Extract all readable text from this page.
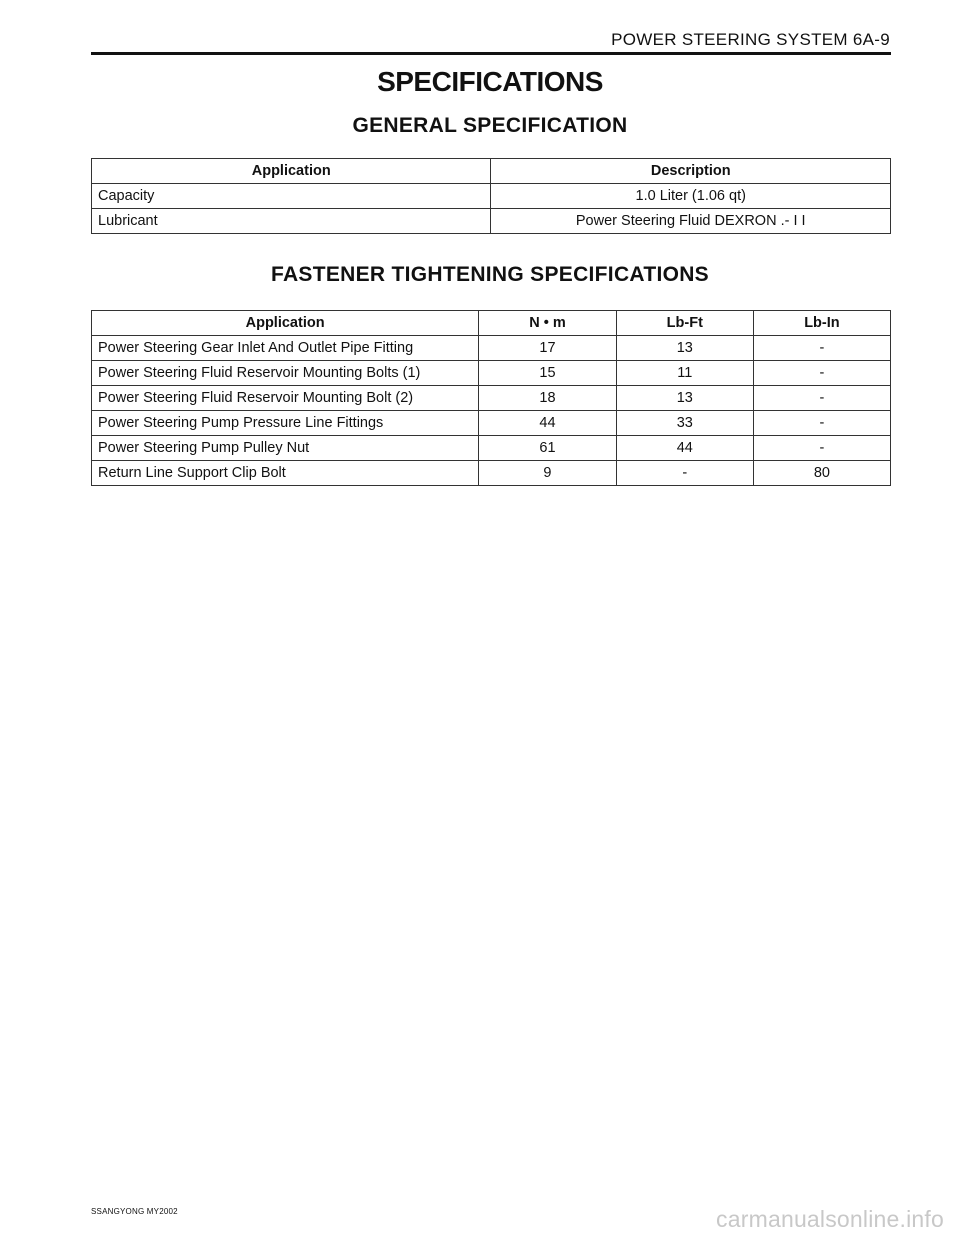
POWER STEERING SYSTEM 6A-9
SPECIFICATIONS
GENERAL SPECIFICATION
Application	Description
Capacity	1.0 Liter (1.06 qt)
Lubricant	Power Steering Fluid DEXRON .- I I
FASTENER TIGHTENING SPECIFICATIONS
Application	N • m	Lb-Ft	Lb-In
Power Steering Gear Inlet And Outlet Pipe Fitting	17	13	-
Power Steering Fluid Reservoir Mounting Bolts (1)	15	11	-
Power Steering Fluid Reservoir Mounting Bolt (2)	18	13	-
Power Steering Pump Pressure Line Fittings	44	33	-
Power Steering Pump Pulley Nut	61	44	-
Return Line Support Clip Bolt	9	-	80
SSANGYONG MY2002	carmanualsonline.info
